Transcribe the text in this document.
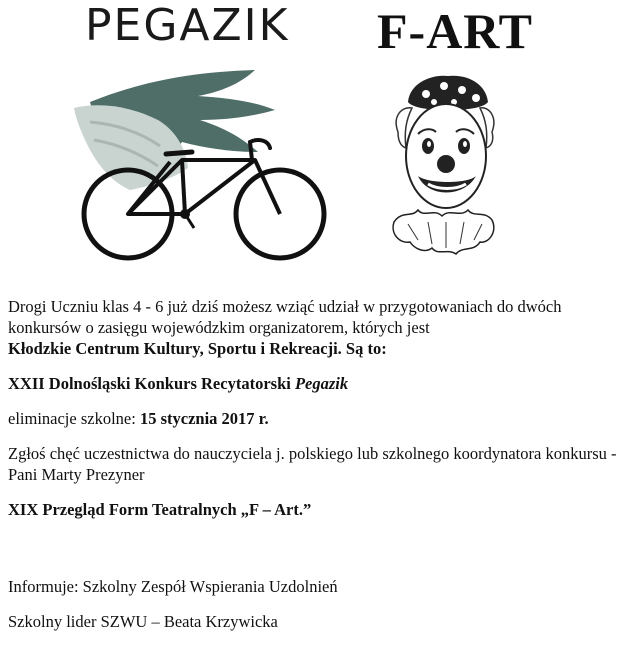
PEGAZIK F-ART

Drogi Uczniu klas 4 - 6 już dziś możesz wziąć udział w przygotowaniach do dwóch konkursów o zasięgu wojewódzkim organizatorem, których jest
Kłodzkie Centrum Kultury, Sportu i Rekreacji. Są to:

XXII Dolnośląski Konkurs Recytatorski Pegazik

eliminacje szkolne: 15 stycznia 2017 r.

Zgłoś chęć uczestnictwa do nauczyciela j. polskiego lub szkolnego koordynatora konkursu - Pani Marty Prezyner

XIX Przegląd Form Teatralnych „F – Art.”

Informuje: Szkolny Zespół Wspierania Uzdolnień

Szkolny lider SZWU – Beata Krzywicka
